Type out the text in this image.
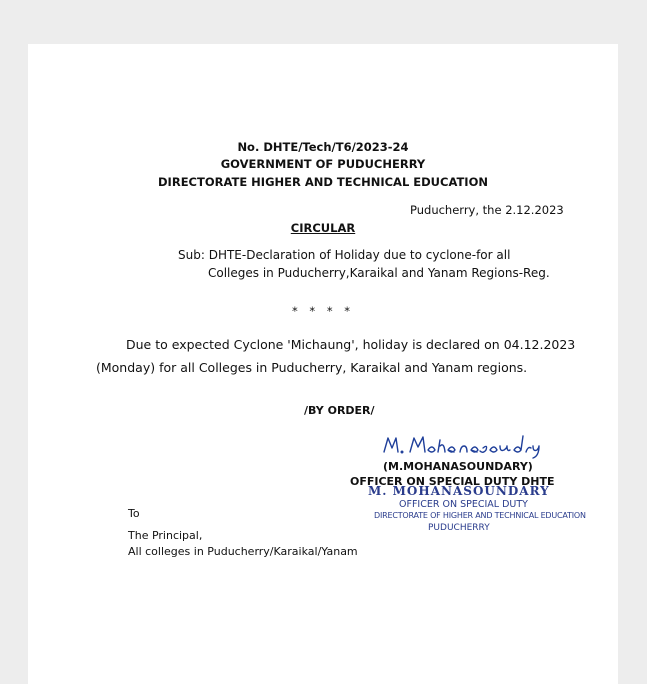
No. DHTE/Tech/T6/2023-24
GOVERNMENT OF PUDUCHERRY
DIRECTORATE HIGHER AND TECHNICAL EDUCATION
Puducherry, the 2.12.2023
CIRCULAR
Sub: DHTE-Declaration of Holiday due to cyclone-for all
Colleges in Puducherry,Karaikal and Yanam Regions-Reg.
* * * *
Due to expected Cyclone 'Michaung', holiday is declared on 04.12.2023
(Monday) for all Colleges in Puducherry, Karaikal and Yanam regions.
/BY ORDER/
(M.MOHANASOUNDARY)
OFFICER ON SPECIAL DUTY DHTE
M. MOHANASOUNDARY
OFFICER ON SPECIAL DUTY
DIRECTORATE OF HIGHER AND TECHNICAL EDUCATION
PUDUCHERRY
To
The Principal,
All colleges in Puducherry/Karaikal/Yanam
